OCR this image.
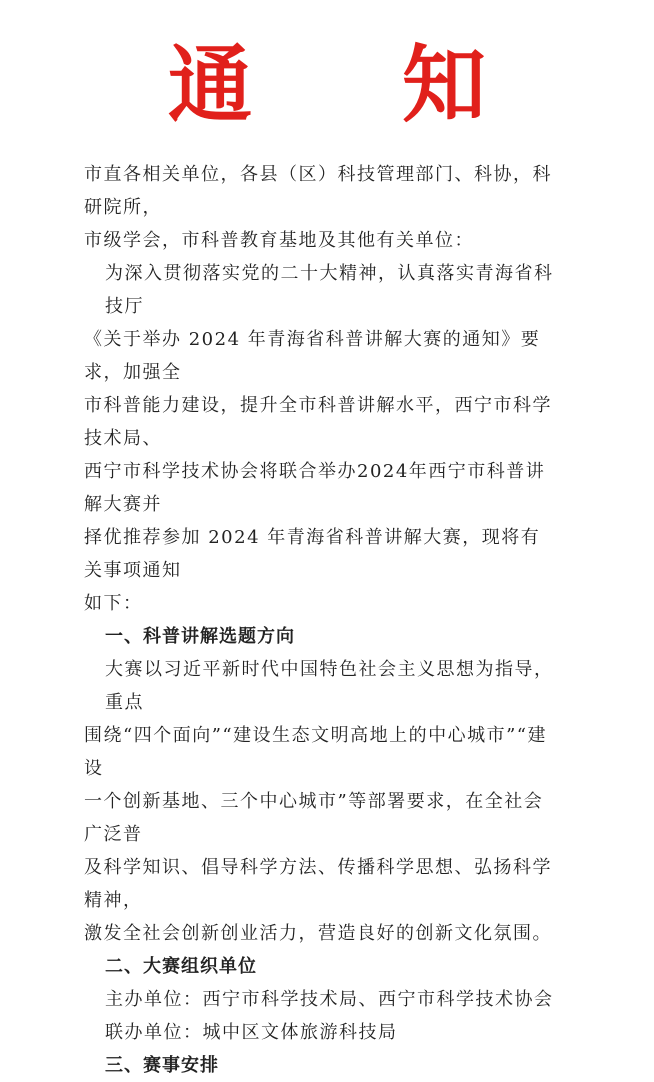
通 知
市直各相关单位，各县（区）科技管理部门、科协，科研院所，
市级学会，市科普教育基地及其他有关单位：
为深入贯彻落实党的二十大精神，认真落实青海省科技厅
《关于举办 2024 年青海省科普讲解大赛的通知》要求，加强全
市科普能力建设，提升全市科普讲解水平，西宁市科学技术局、
西宁市科学技术协会将联合举办2024年西宁市科普讲解大赛并
择优推荐参加 2024 年青海省科普讲解大赛，现将有关事项通知
如下：
一、科普讲解选题方向
大赛以习近平新时代中国特色社会主义思想为指导，重点
围绕“四个面向”“建设生态文明高地上的中心城市”“建设
一个创新基地、三个中心城市”等部署要求，在全社会广泛普
及科学知识、倡导科学方法、传播科学思想、弘扬科学精神，
激发全社会创新创业活力，营造良好的创新文化氛围。
二、大赛组织单位
主办单位：西宁市科学技术局、西宁市科学技术协会
联办单位：城中区文体旅游科技局
三、赛事安排
